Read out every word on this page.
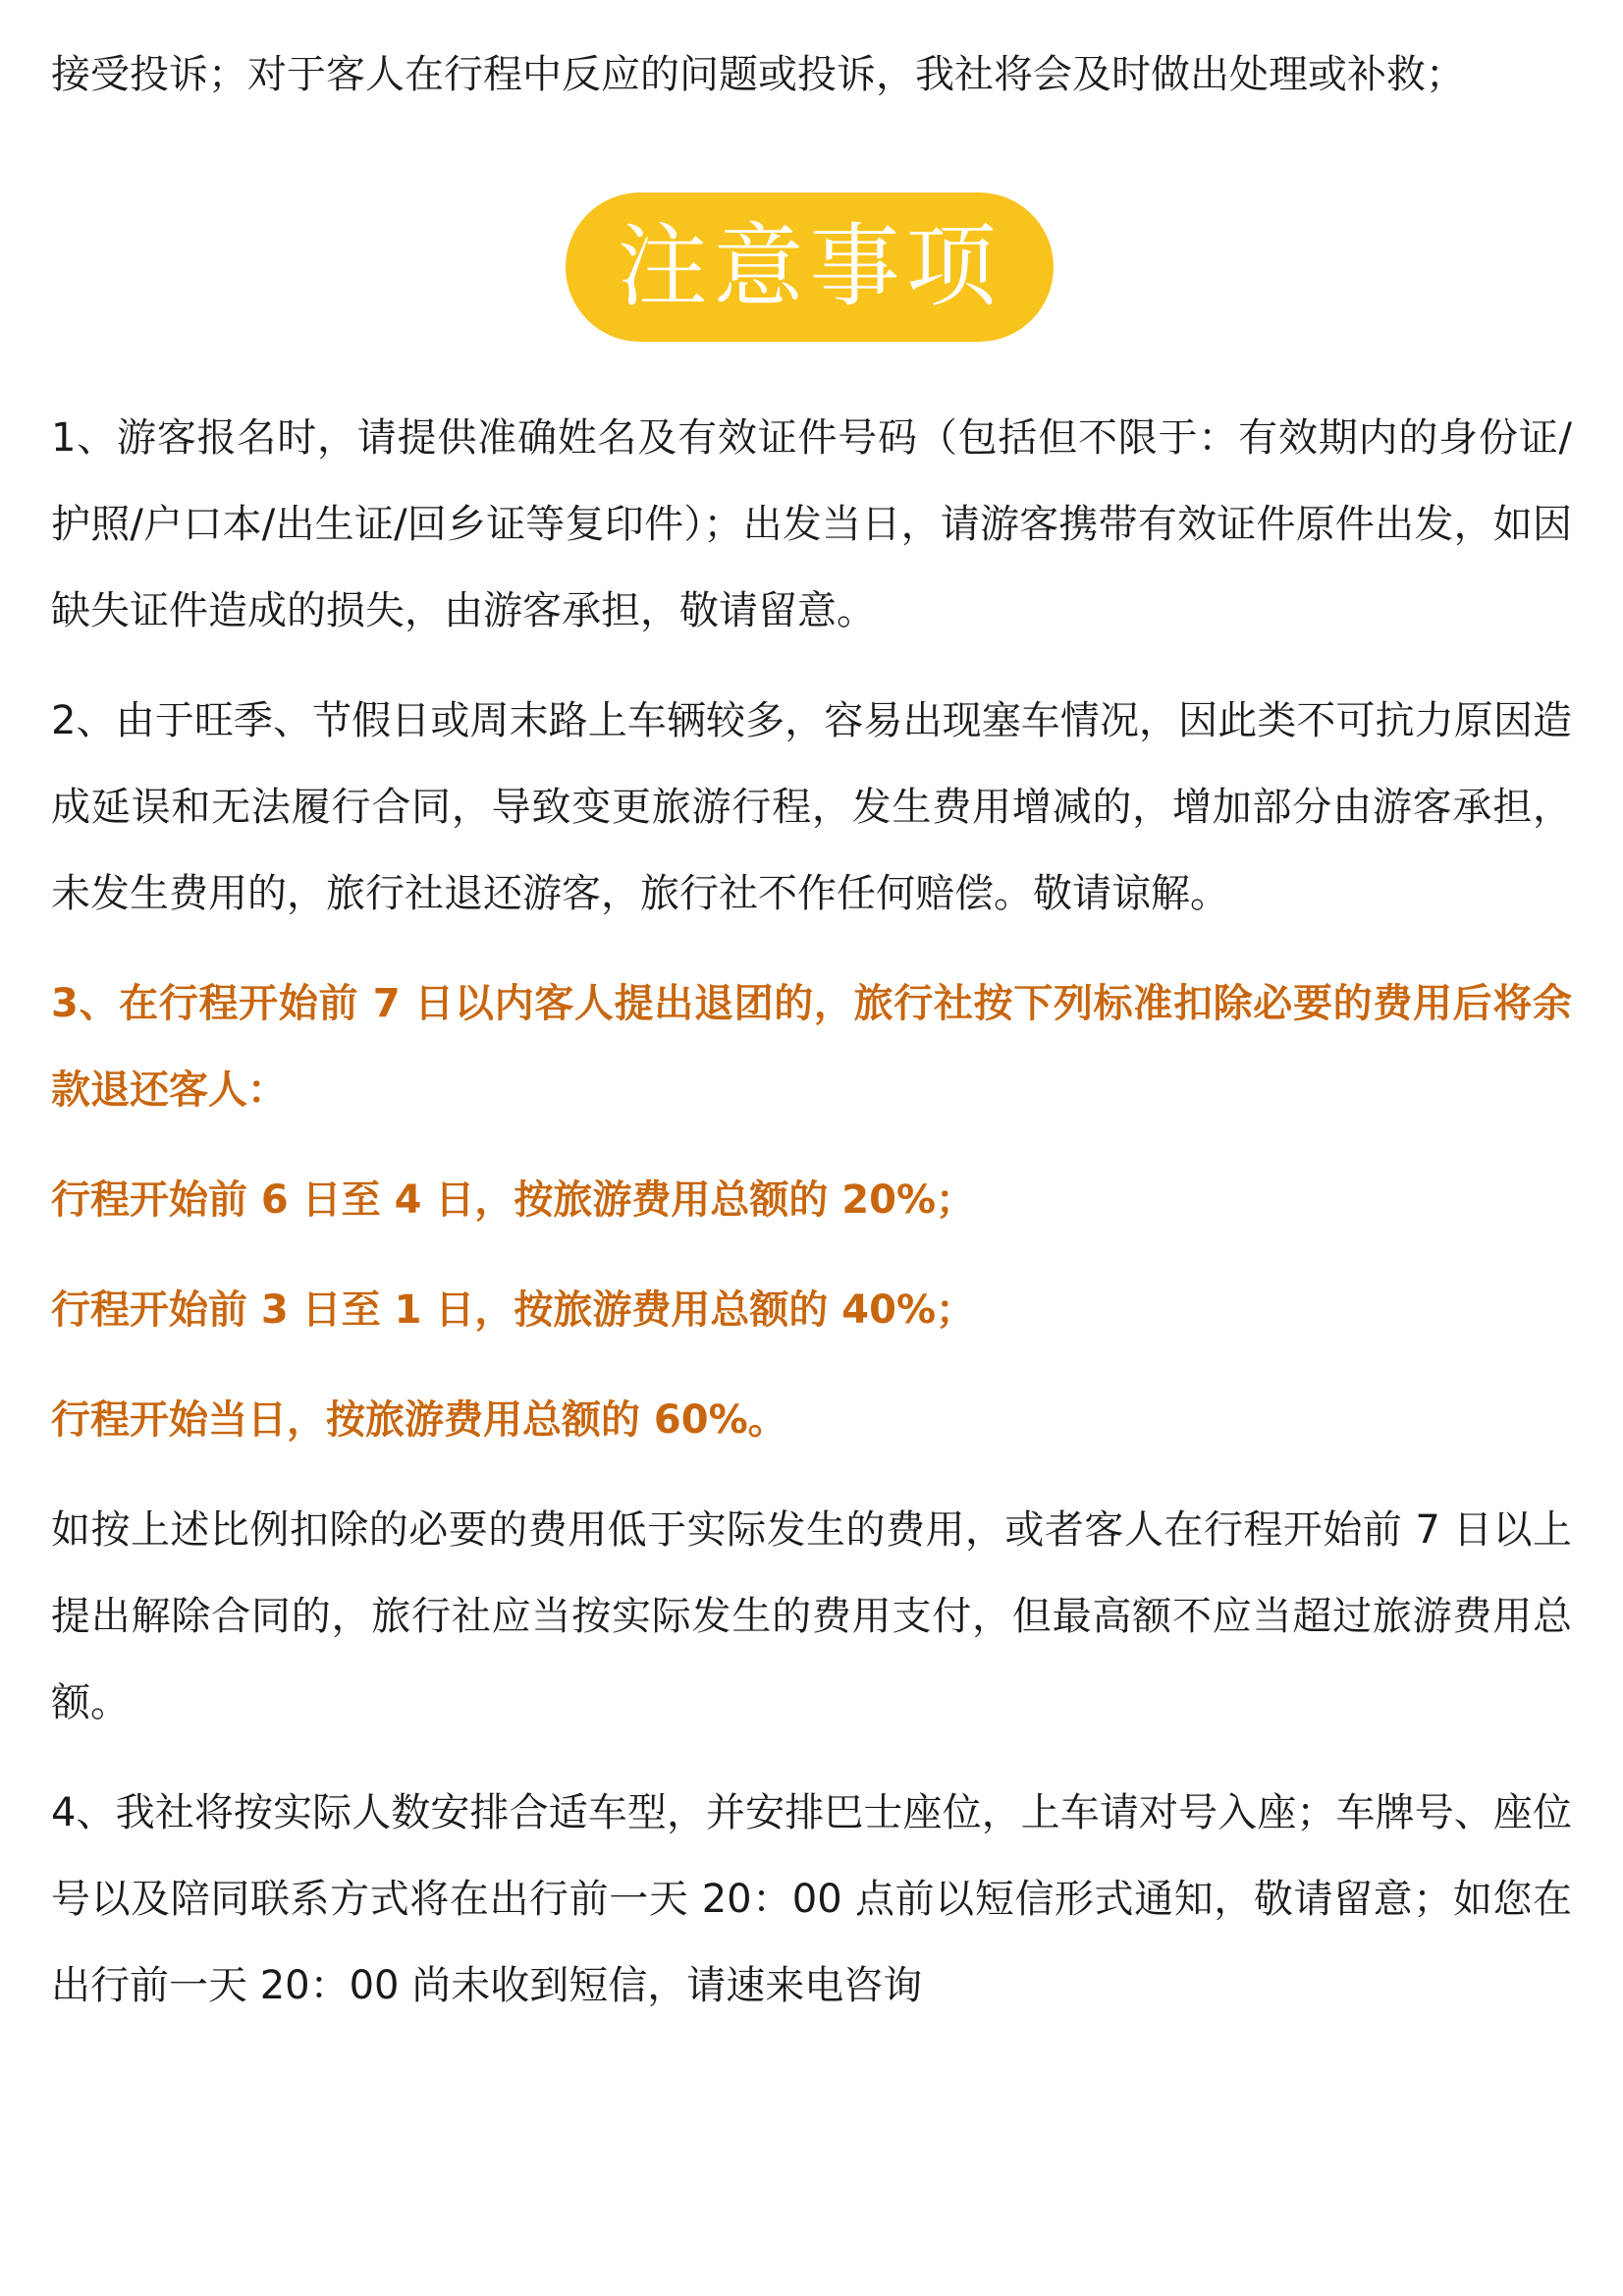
接受投诉；对于客人在行程中反应的问题或投诉，我社将会及时做出处理或补救；

注意事项

1、游客报名时，请提供准确姓名及有效证件号码（包括但不限于：有效期内的身份证/护照/户口本/出生证/回乡证等复印件）；出发当日，请游客携带有效证件原件出发，如因缺失证件造成的损失，由游客承担，敬请留意。

2、由于旺季、节假日或周末路上车辆较多，容易出现塞车情况，因此类不可抗力原因造成延误和无法履行合同，导致变更旅游行程，发生费用增减的，增加部分由游客承担，未发生费用的，旅行社退还游客，旅行社不作任何赔偿。敬请谅解。

3、在行程开始前 7 日以内客人提出退团的，旅行社按下列标准扣除必要的费用后将余款退还客人：

行程开始前 6 日至 4 日，按旅游费用总额的 20%；

行程开始前 3 日至 1 日，按旅游费用总额的 40%；

行程开始当日，按旅游费用总额的 60%。

如按上述比例扣除的必要的费用低于实际发生的费用，或者客人在行程开始前 7 日以上提出解除合同的，旅行社应当按实际发生的费用支付，但最高额不应当超过旅游费用总额。

4、我社将按实际人数安排合适车型，并安排巴士座位，上车请对号入座；车牌号、座位号以及陪同联系方式将在出行前一天 20：00 点前以短信形式通知，敬请留意；如您在出行前一天 20：00 尚未收到短信，请速来电咨询
